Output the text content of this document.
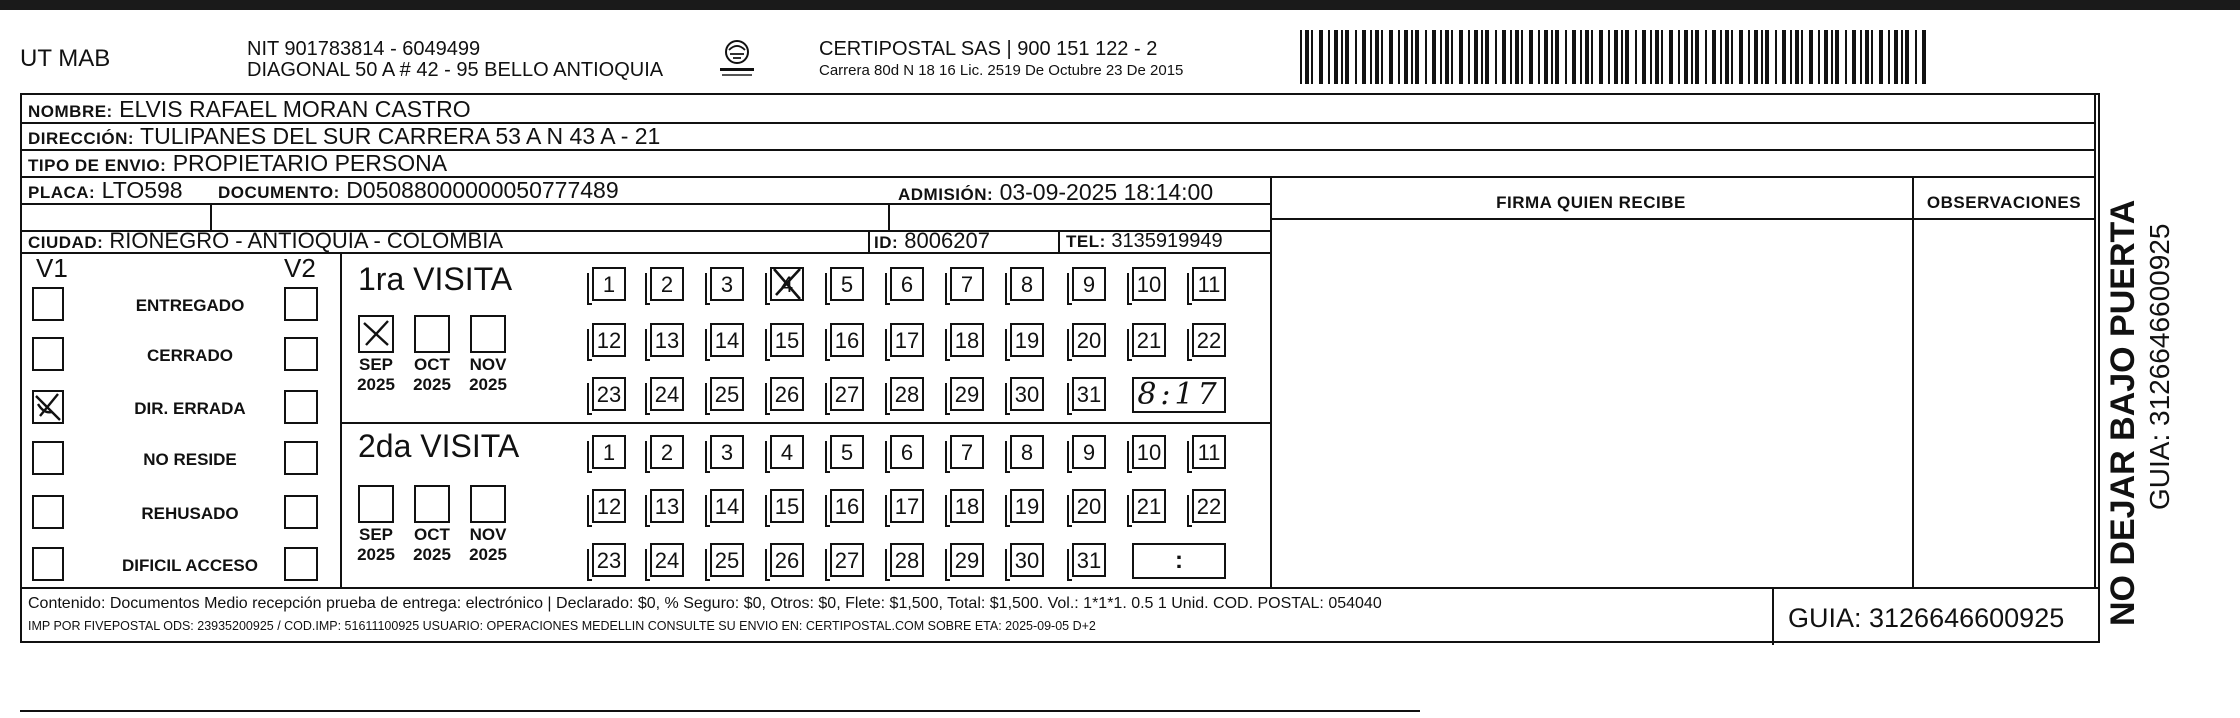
UT MAB	NIT 901783814 - 6049499
DIAGONAL 50 A # 42 - 95 BELLO ANTIOQUIA
CERTIPOSTAL SAS | 900 151 122 - 2
Carrera 80d N 18 16 Lic. 2519 De Octubre 23 De 2015
NOMBRE: ELVIS RAFAEL MORAN CASTRO
DIRECCIÓN: TULIPANES DEL SUR CARRERA 53 A N 43 A - 21
TIPO DE ENVIO: PROPIETARIO PERSONA
PLACA: LTO598 DOCUMENTO: D05088000000050777489	ADMISIÓN: 03-09-2025 18:14:00
CIUDAD: RIONEGRO - ANTIOQUIA - COLOMBIA	ID: 8006207	TEL: 3135919949
FIRMA QUIEN RECIBE	OBSERVACIONES
V1	V2
ENTREGADO
CERRADO
DIR. ERRADA
NO RESIDE
REHUSADO
DIFICIL ACCESO
1ra VISITA
2da VISITA
SEP
2025
OCT
2025
NOV
2025
SEP
2025
OCT
2025
NOV
2025
1	2	3	4	5	6	7	8	9	10 11
12 13 14 15 16 17 18 19 20 21 22
23 24 25 26 27 28 29 30 31 8:17
1	2	3	4	5	6	7	8	9	10 11
12 13 14 15 16 17 18 19 20 21 22
23 24 25 26 27 28 29 30 31	:
Contenido: Documentos Medio recepción prueba de entrega: electrónico | Declarado: $0, % Seguro: $0, Otros: $0, Flete: $1,500, Total: $1,500. Vol.: 1*1*1. 0.5 1 Unid. COD. POSTAL: 054040
IMP POR FIVEPOSTAL ODS: 23935200925 / COD.IMP: 51611100925 USUARIO: OPERACIONES MEDELLIN CONSULTE SU ENVIO EN: CERTIPOSTAL.COM SOBRE ETA: 2025-09-05 D+2	GUIA: 3126646600925 NO DEJAR BAJO PUERTA GUIA: 3126646600925
